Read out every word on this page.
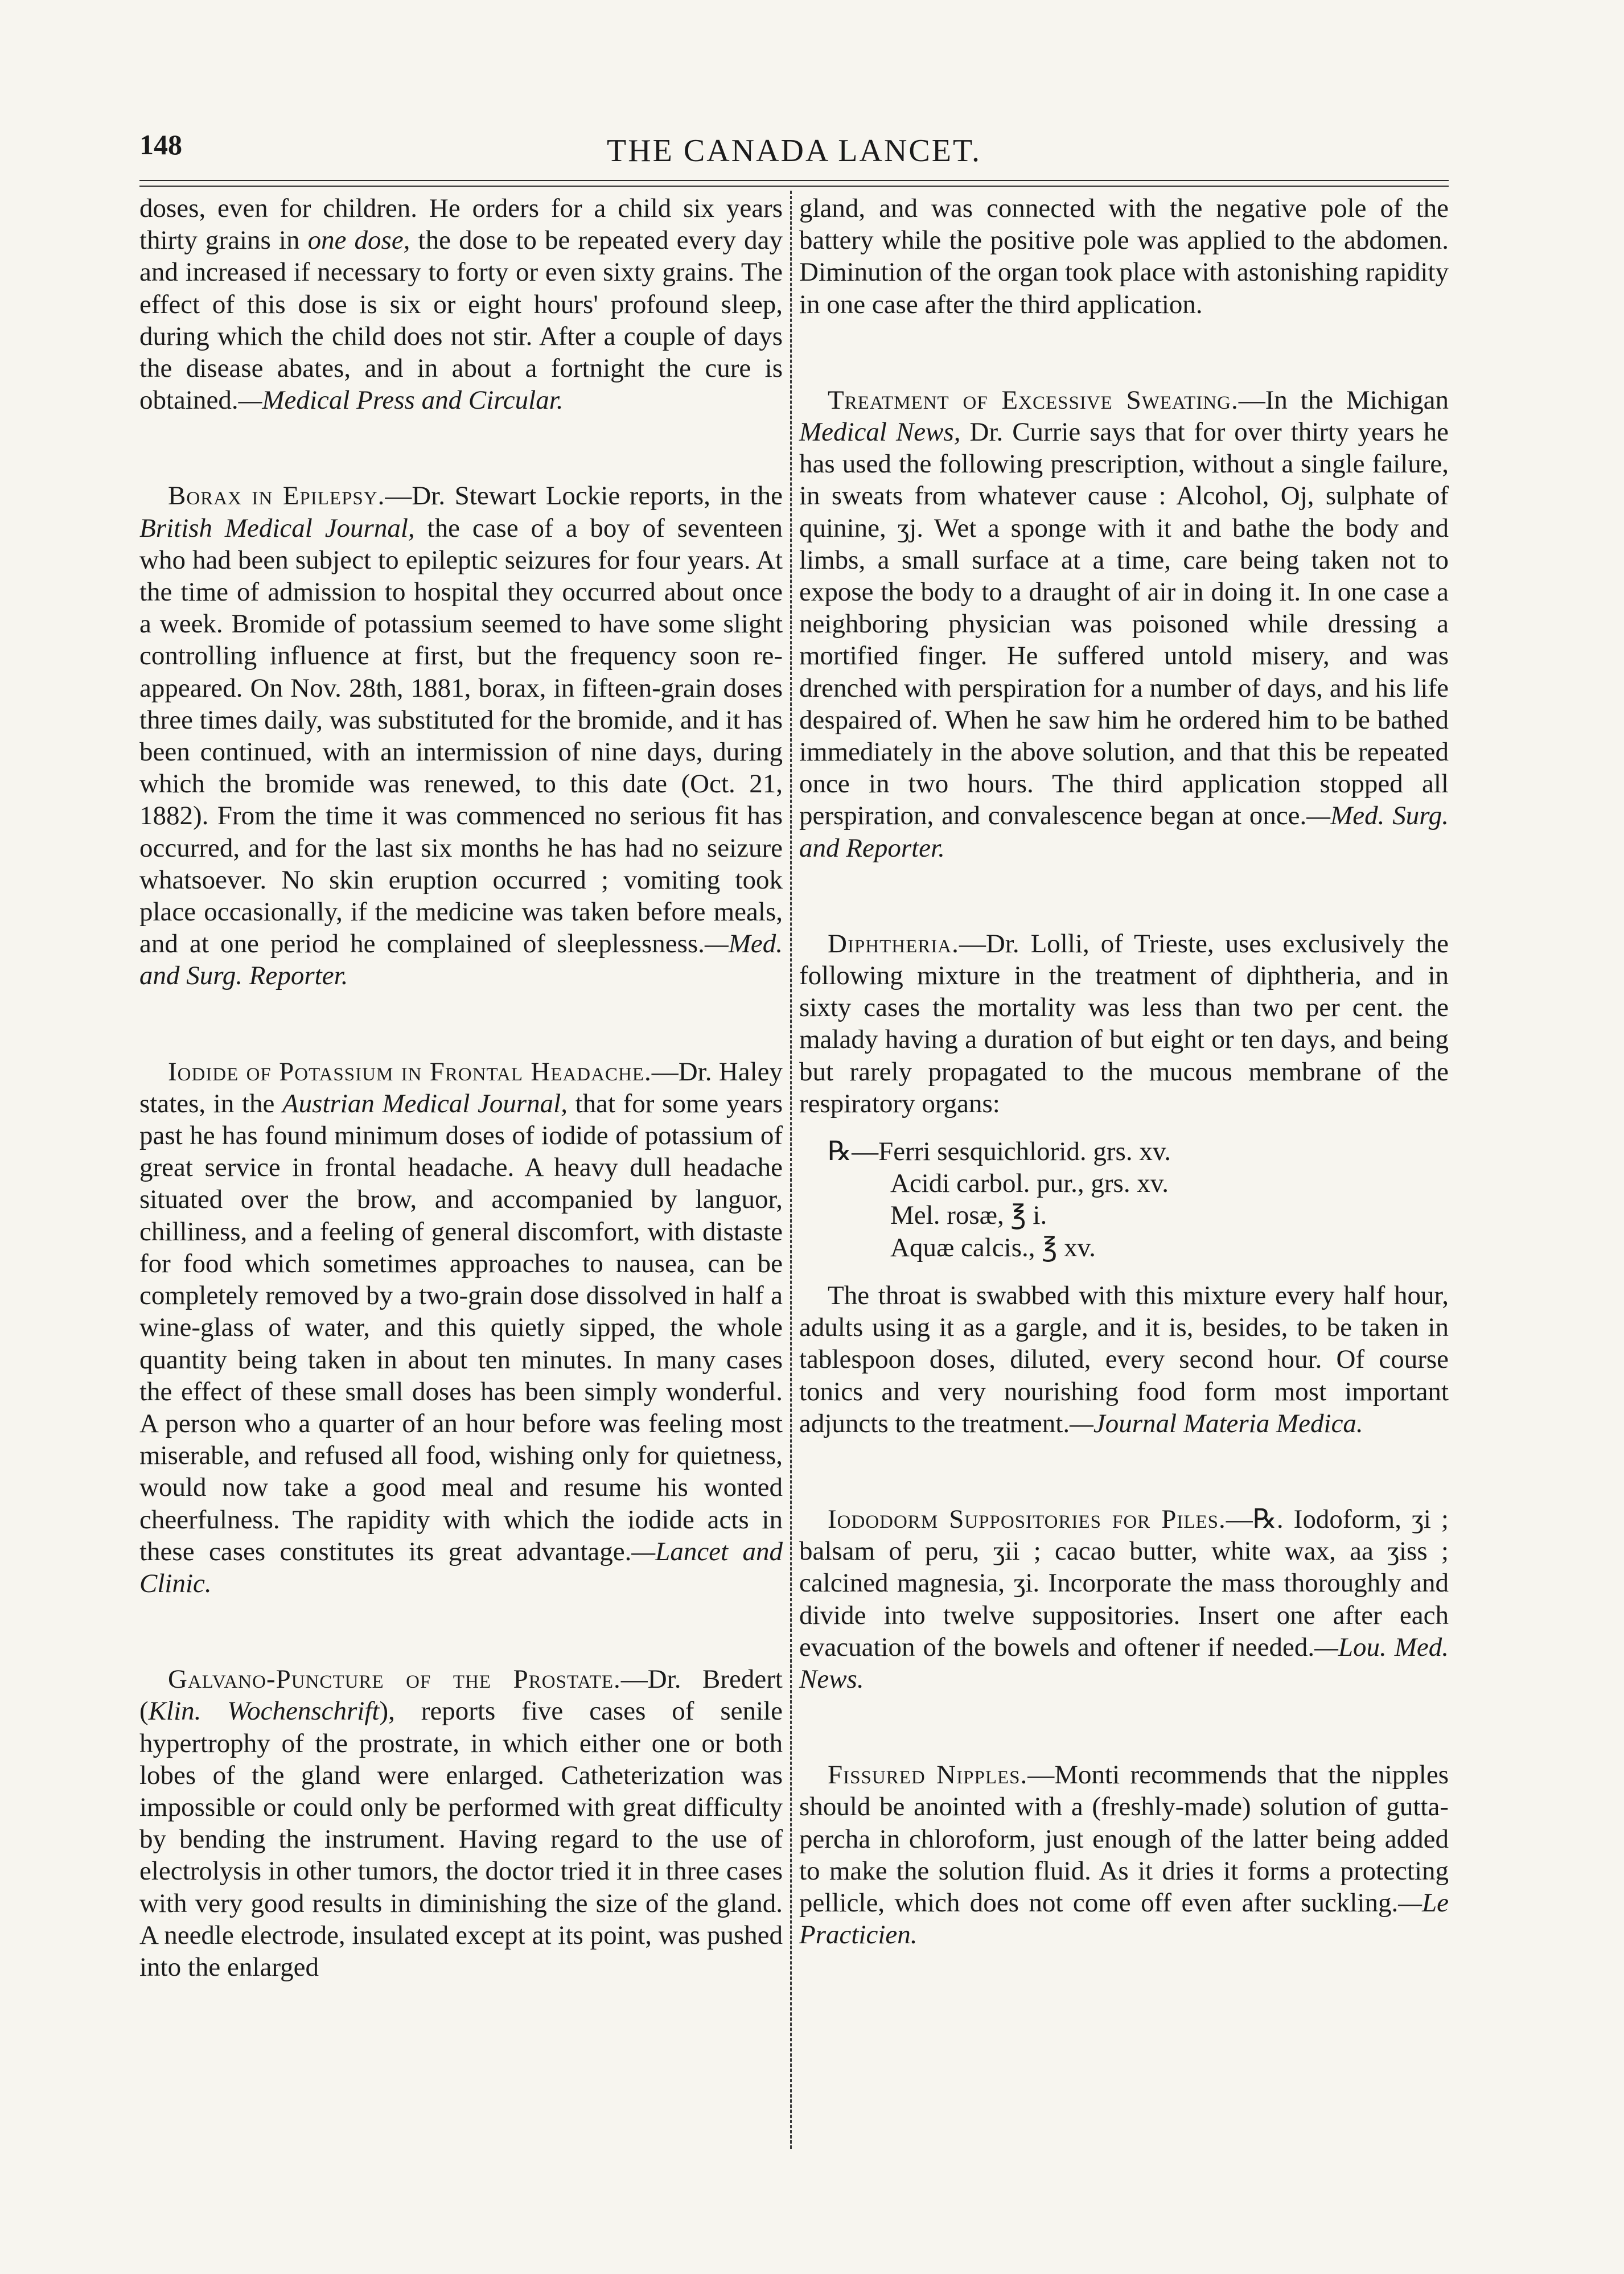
148	THE CANADA LANCET.

doses, even for children. He orders for a child six years thirty grains in one dose, the dose to be repeated every day and increased if necessary to forty or even sixty grains. The effect of this dose is six or eight hours' profound sleep, during which the child does not stir. After a couple of days the disease abates, and in about a fortnight the cure is obtained.—Medical Press and Circular.

Borax in Epilepsy.—Dr. Stewart Lockie reports, in the British Medical Journal, the case of a boy of seventeen who had been subject to epileptic seizures for four years. At the time of admission to hospital they occurred about once a week. Bromide of potassium seemed to have some slight controlling influence at first, but the frequency soon re-appeared. On Nov. 28th, 1881, borax, in fifteen-grain doses three times daily, was substituted for the bromide, and it has been continued, with an intermission of nine days, during which the bromide was renewed, to this date (Oct. 21, 1882). From the time it was commenced no serious fit has occurred, and for the last six months he has had no seizure whatsoever. No skin eruption occurred ; vomiting took place occasionally, if the medicine was taken before meals, and at one period he complained of sleeplessness.—Med. and Surg. Reporter.

Iodide of Potassium in Frontal Headache.—Dr. Haley states, in the Austrian Medical Journal, that for some years past he has found minimum doses of iodide of potassium of great service in frontal headache. A heavy dull headache situated over the brow, and accompanied by languor, chilliness, and a feeling of general discomfort, with distaste for food which sometimes approaches to nausea, can be completely removed by a two-grain dose dissolved in half a wine-glass of water, and this quietly sipped, the whole quantity being taken in about ten minutes. In many cases the effect of these small doses has been simply wonderful. A person who a quarter of an hour before was feeling most miserable, and refused all food, wishing only for quietness, would now take a good meal and resume his wonted cheerfulness. The rapidity with which the iodide acts in these cases constitutes its great advantage.—Lancet and Clinic.

Galvano-Puncture of the Prostate.—Dr. Bredert (Klin. Wochenschrift), reports five cases of senile hypertrophy of the prostrate, in which either one or both lobes of the gland were enlarged. Catheterization was impossible or could only be performed with great difficulty by bending the instrument. Having regard to the use of electrolysis in other tumors, the doctor tried it in three cases with very good results in diminishing the size of the gland. A needle electrode, insulated except at its point, was pushed into the enlarged

gland, and was connected with the negative pole of the battery while the positive pole was applied to the abdomen. Diminution of the organ took place with astonishing rapidity in one case after the third application.

Treatment of Excessive Sweating.—In the Michigan Medical News, Dr. Currie says that for over thirty years he has used the following prescription, without a single failure, in sweats from whatever cause : Alcohol, Oj, sulphate of quinine, ʒj. Wet a sponge with it and bathe the body and limbs, a small surface at a time, care being taken not to expose the body to a draught of air in doing it. In one case a neighboring physician was poisoned while dressing a mortified finger. He suffered untold misery, and was drenched with perspiration for a number of days, and his life despaired of. When he saw him he ordered him to be bathed immediately in the above solution, and that this be repeated once in two hours. The third application stopped all perspiration, and convalescence began at once.—Med. Surg. and Reporter.

Diphtheria.—Dr. Lolli, of Trieste, uses exclusively the following mixture in the treatment of diphtheria, and in sixty cases the mortality was less than two per cent. the malady having a duration of but eight or ten days, and being but rarely propagated to the mucous membrane of the respiratory organs:

℞—Ferri sesquichlorid. grs. xv.
Acidi carbol. pur., grs. xv.
Mel. rosæ, ℥ i.
Aquæ calcis., ℥ xv.

The throat is swabbed with this mixture every half hour, adults using it as a gargle, and it is, besides, to be taken in tablespoon doses, diluted, every second hour. Of course tonics and very nourishing food form most important adjuncts to the treatment.—Journal Materia Medica.

Iododorm Suppositories for Piles.—℞. Iodoform, ʒi ; balsam of peru, ʒii ; cacao butter, white wax, aa ʒiss ; calcined magnesia, ʒi. Incorporate the mass thoroughly and divide into twelve suppositories. Insert one after each evacuation of the bowels and oftener if needed.—Lou. Med. News.

Fissured Nipples.—Monti recommends that the nipples should be anointed with a (freshly-made) solution of gutta-percha in chloroform, just enough of the latter being added to make the solution fluid. As it dries it forms a protecting pellicle, which does not come off even after suckling.—Le Practicien.
